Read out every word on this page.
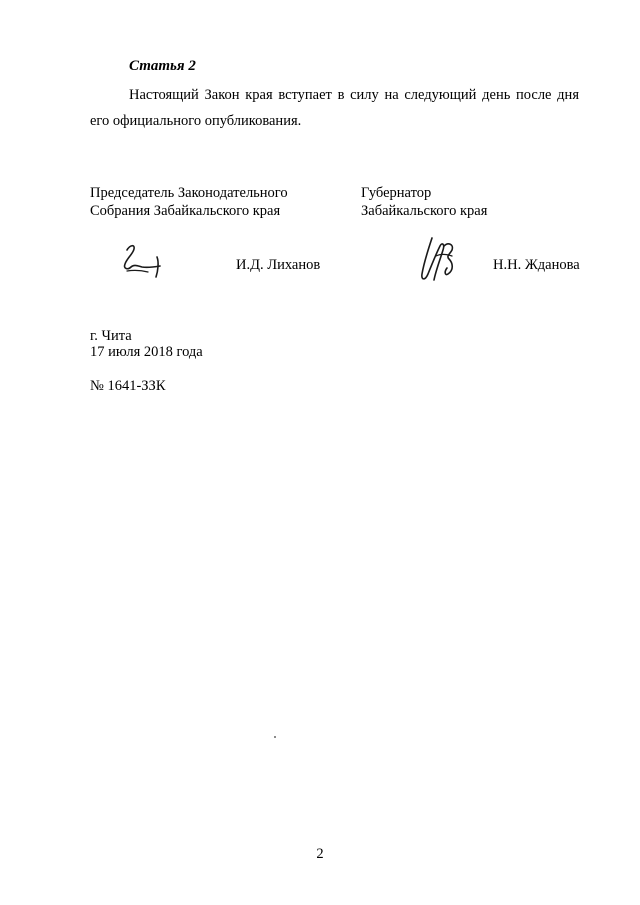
Статья 2
Настоящий Закон края вступает в силу на следующий день после дня
его официального опубликования.
Председатель Законодательного
Собрания Забайкальского края
Губернатор
Забайкальского края
И.Д. Лиханов	Н.Н. Жданова
г. Чита
17 июля 2018 года
№ 1641-ЗЗК
2
